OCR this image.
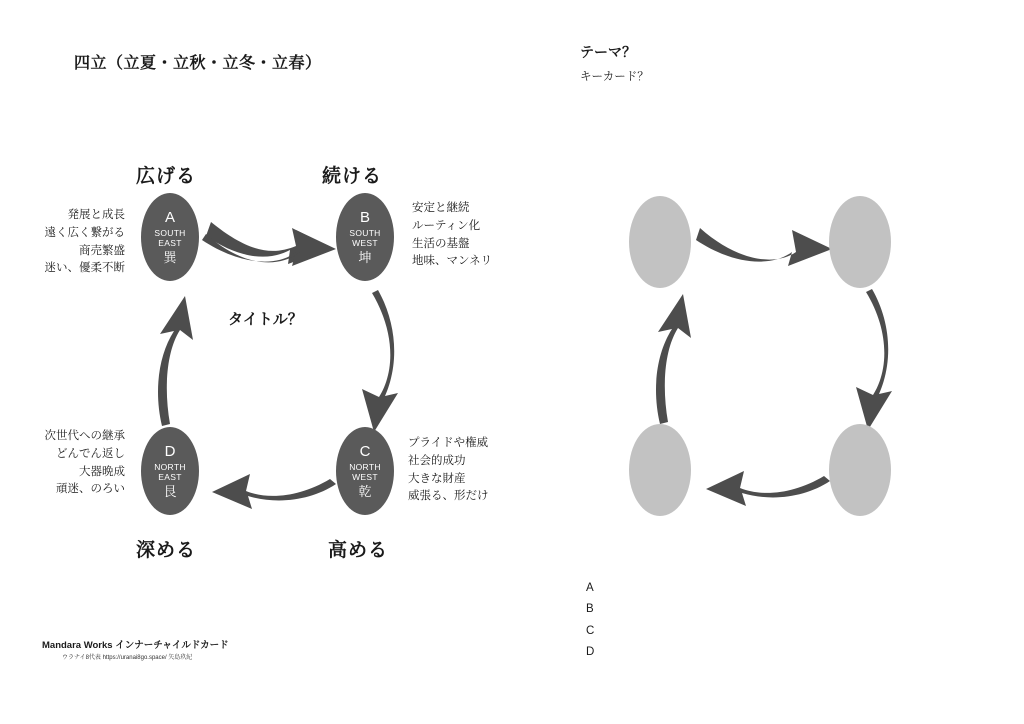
四立（立夏・立秋・立冬・立春）
広げる	続ける
高める
深める
A
SOUTH
EAST
巽
B
SOUTH
WEST
坤
C
NORTH
WEST
乾
D
NORTH
EAST
艮
発展と成長
遠く広く繋がる
商売繁盛
迷い、優柔不断
安定と継続
ルーティン化
生活の基盤
地味、マンネリ
プライドや権威
社会的成功
大きな財産
威張る、形だけ
次世代への継承
どんでん返し
大器晩成
頑迷、のろい
タイトル？
Mandara Works インナーチャイルドカード
ウラナイ8代表 https://uranai8go.space/ 矢島玖紀
テーマ？
キーカード？
A
B
C
D
